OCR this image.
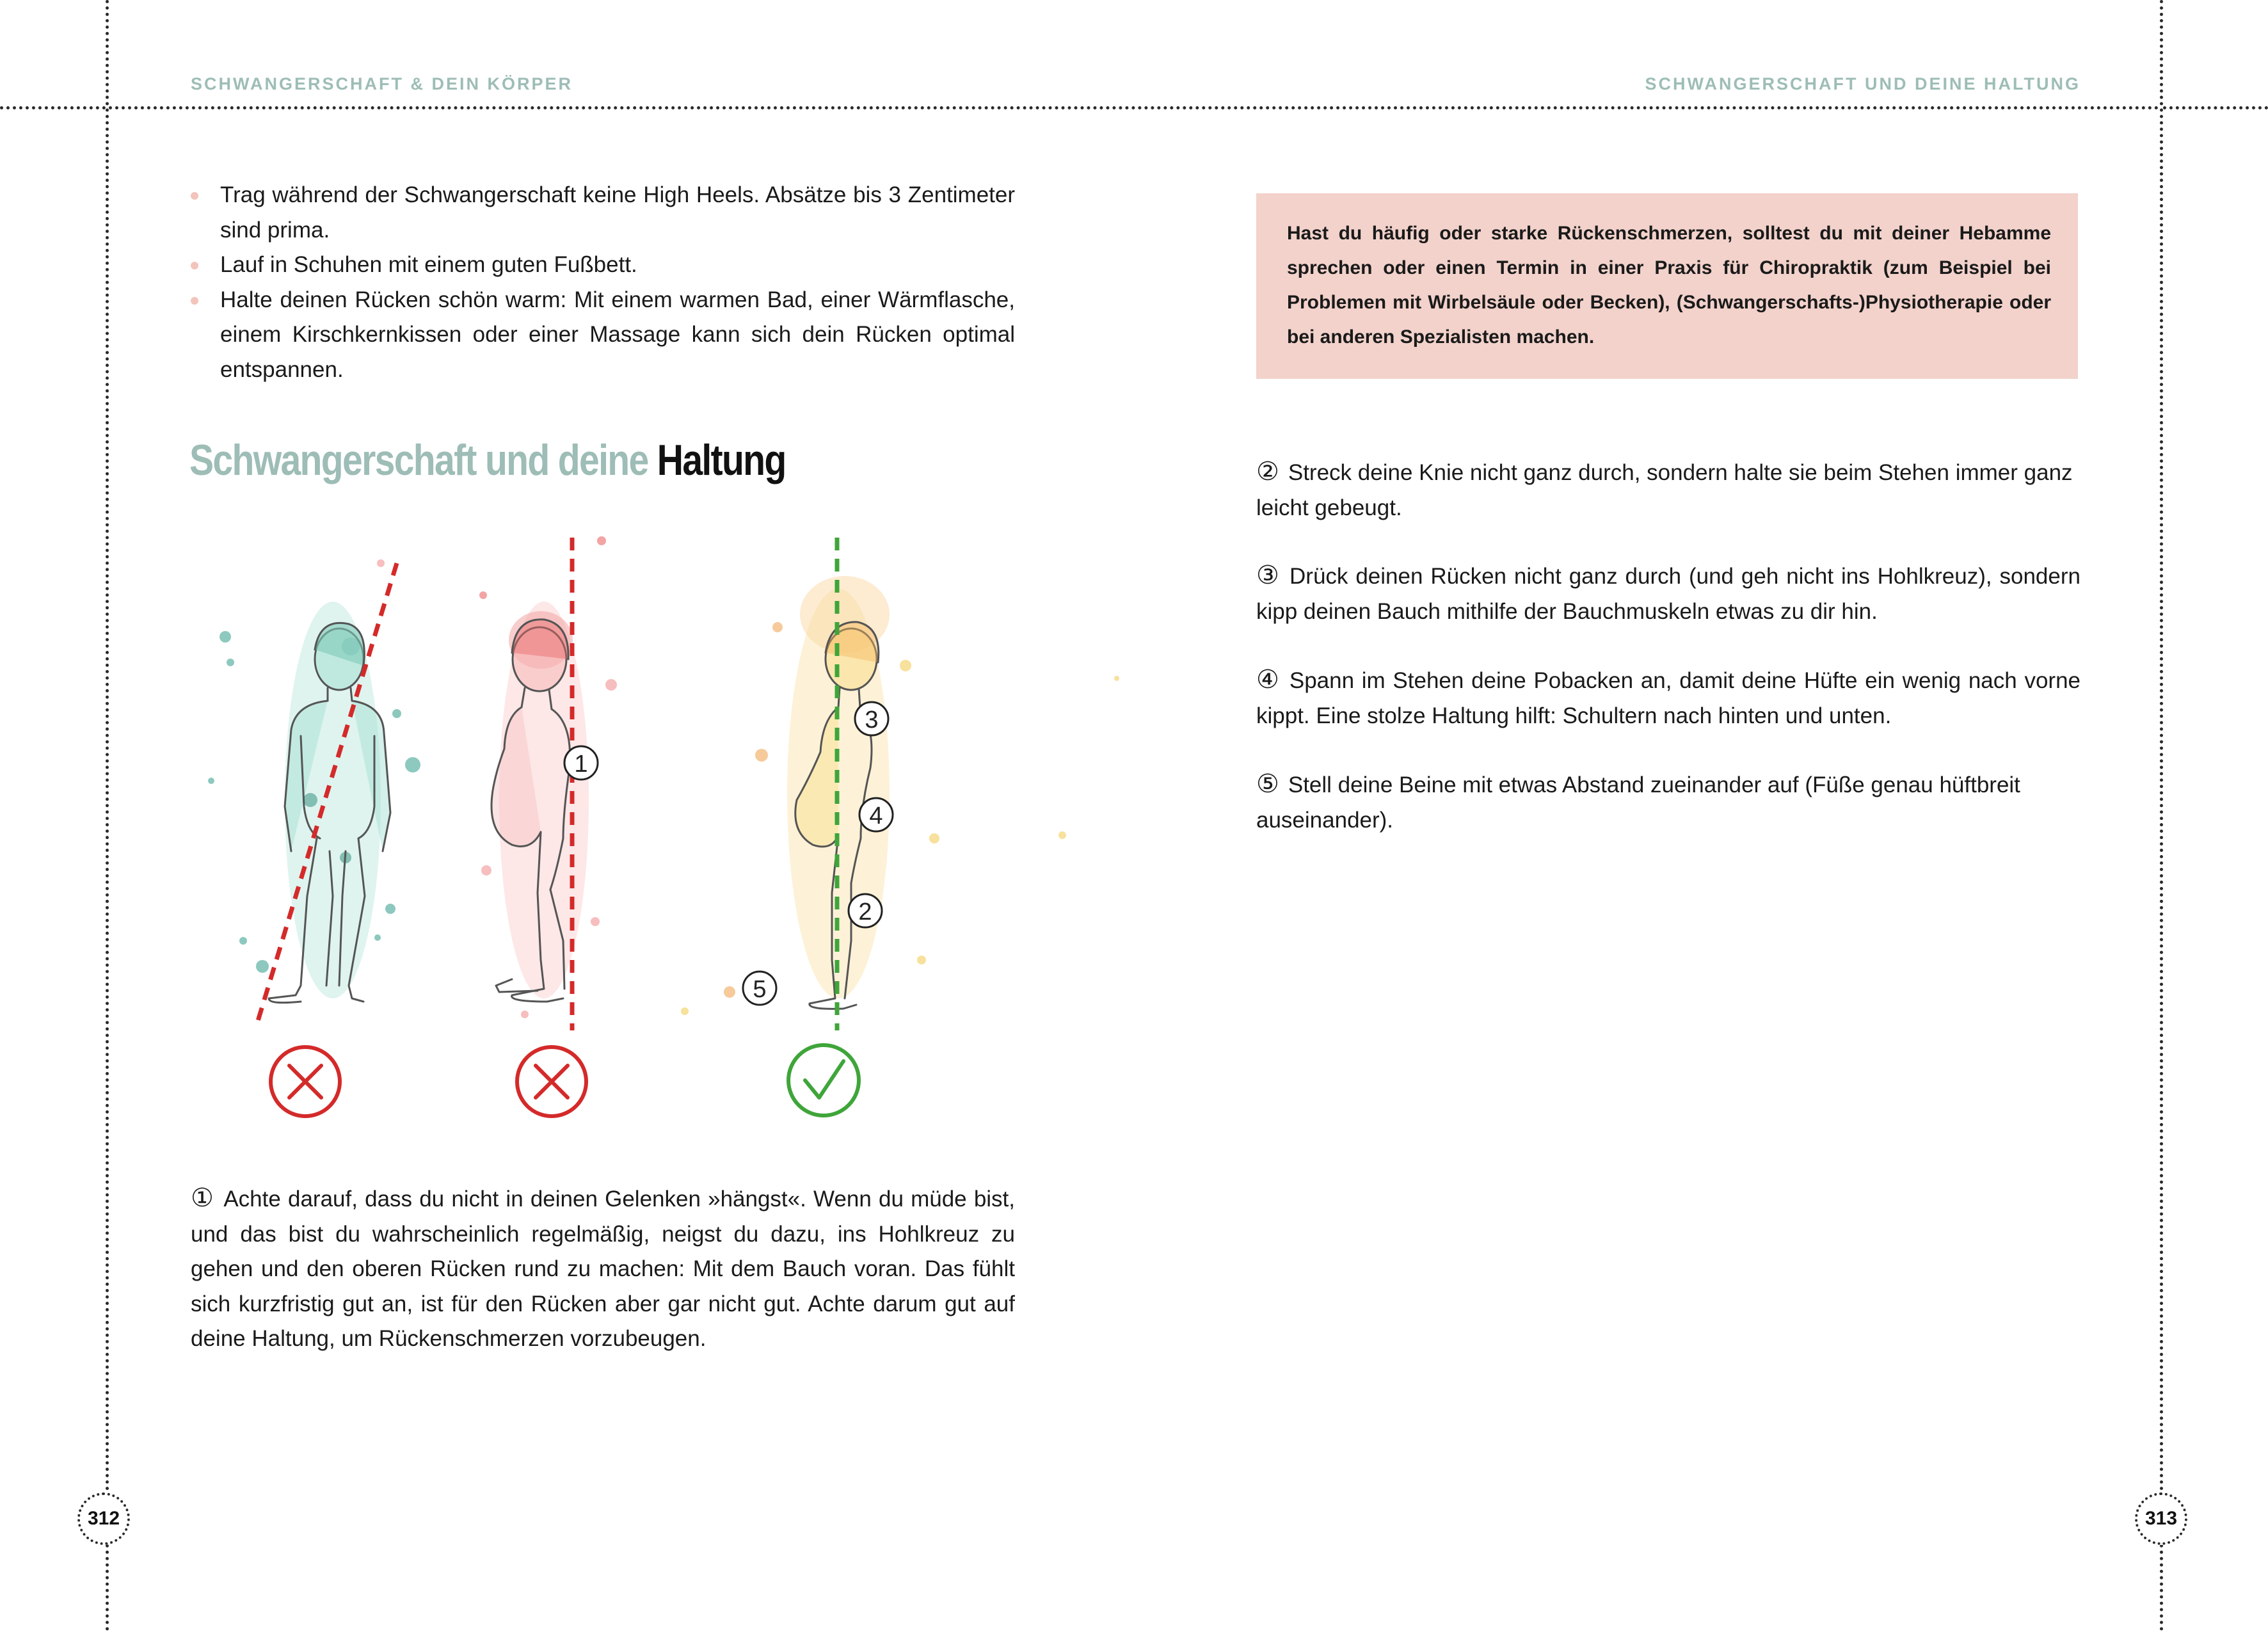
SCHWANGERSCHAFT & DEIN KÖRPER	SCHWANGERSCHAFT UND DEINE HALTUNG
Trag während der Schwangerschaft keine High Heels. Absätze bis 3 Zentimeter sind prima.
Lauf in Schuhen mit einem guten Fußbett.
Halte deinen Rücken schön warm: Mit einem warmen Bad, einer Wärmflasche, einem Kirschkernkissen oder einer Massage kann sich dein Rücken optimal entspannen.
Schwangerschaft und deine Haltung
1
3
4
2
5
① Achte darauf, dass du nicht in deinen Gelenken »hängst«. Wenn du müde bist, und das bist du wahrscheinlich regelmäßig, neigst du dazu, ins Hohlkreuz zu gehen und den oberen Rücken rund zu machen: Mit dem Bauch voran. Das fühlt sich kurzfristig gut an, ist für den Rücken aber gar nicht gut. Achte darum gut auf deine Haltung, um Rückenschmerzen vorzubeugen.

Hast du häufig oder starke Rückenschmerzen, solltest du mit deiner Hebamme sprechen oder einen Termin in einer Praxis für Chiropraktik (zum Beispiel bei Problemen mit Wirbelsäule oder Becken), (Schwangerschafts-)Physiotherapie oder bei anderen Spezialisten machen.

② Streck deine Knie nicht ganz durch, sondern halte sie beim Stehen immer ganz leicht gebeugt.
③ Drück deinen Rücken nicht ganz durch (und geh nicht ins Hohlkreuz), sondern kipp deinen Bauch mithilfe der Bauchmuskeln etwas zu dir hin.
④ Spann im Stehen deine Pobacken an, damit deine Hüfte ein wenig nach vorne kippt. Eine stolze Haltung hilft: Schultern nach hinten und unten.
⑤ Stell deine Beine mit etwas Abstand zueinander auf (Füße genau hüftbreit auseinander).
312	313
